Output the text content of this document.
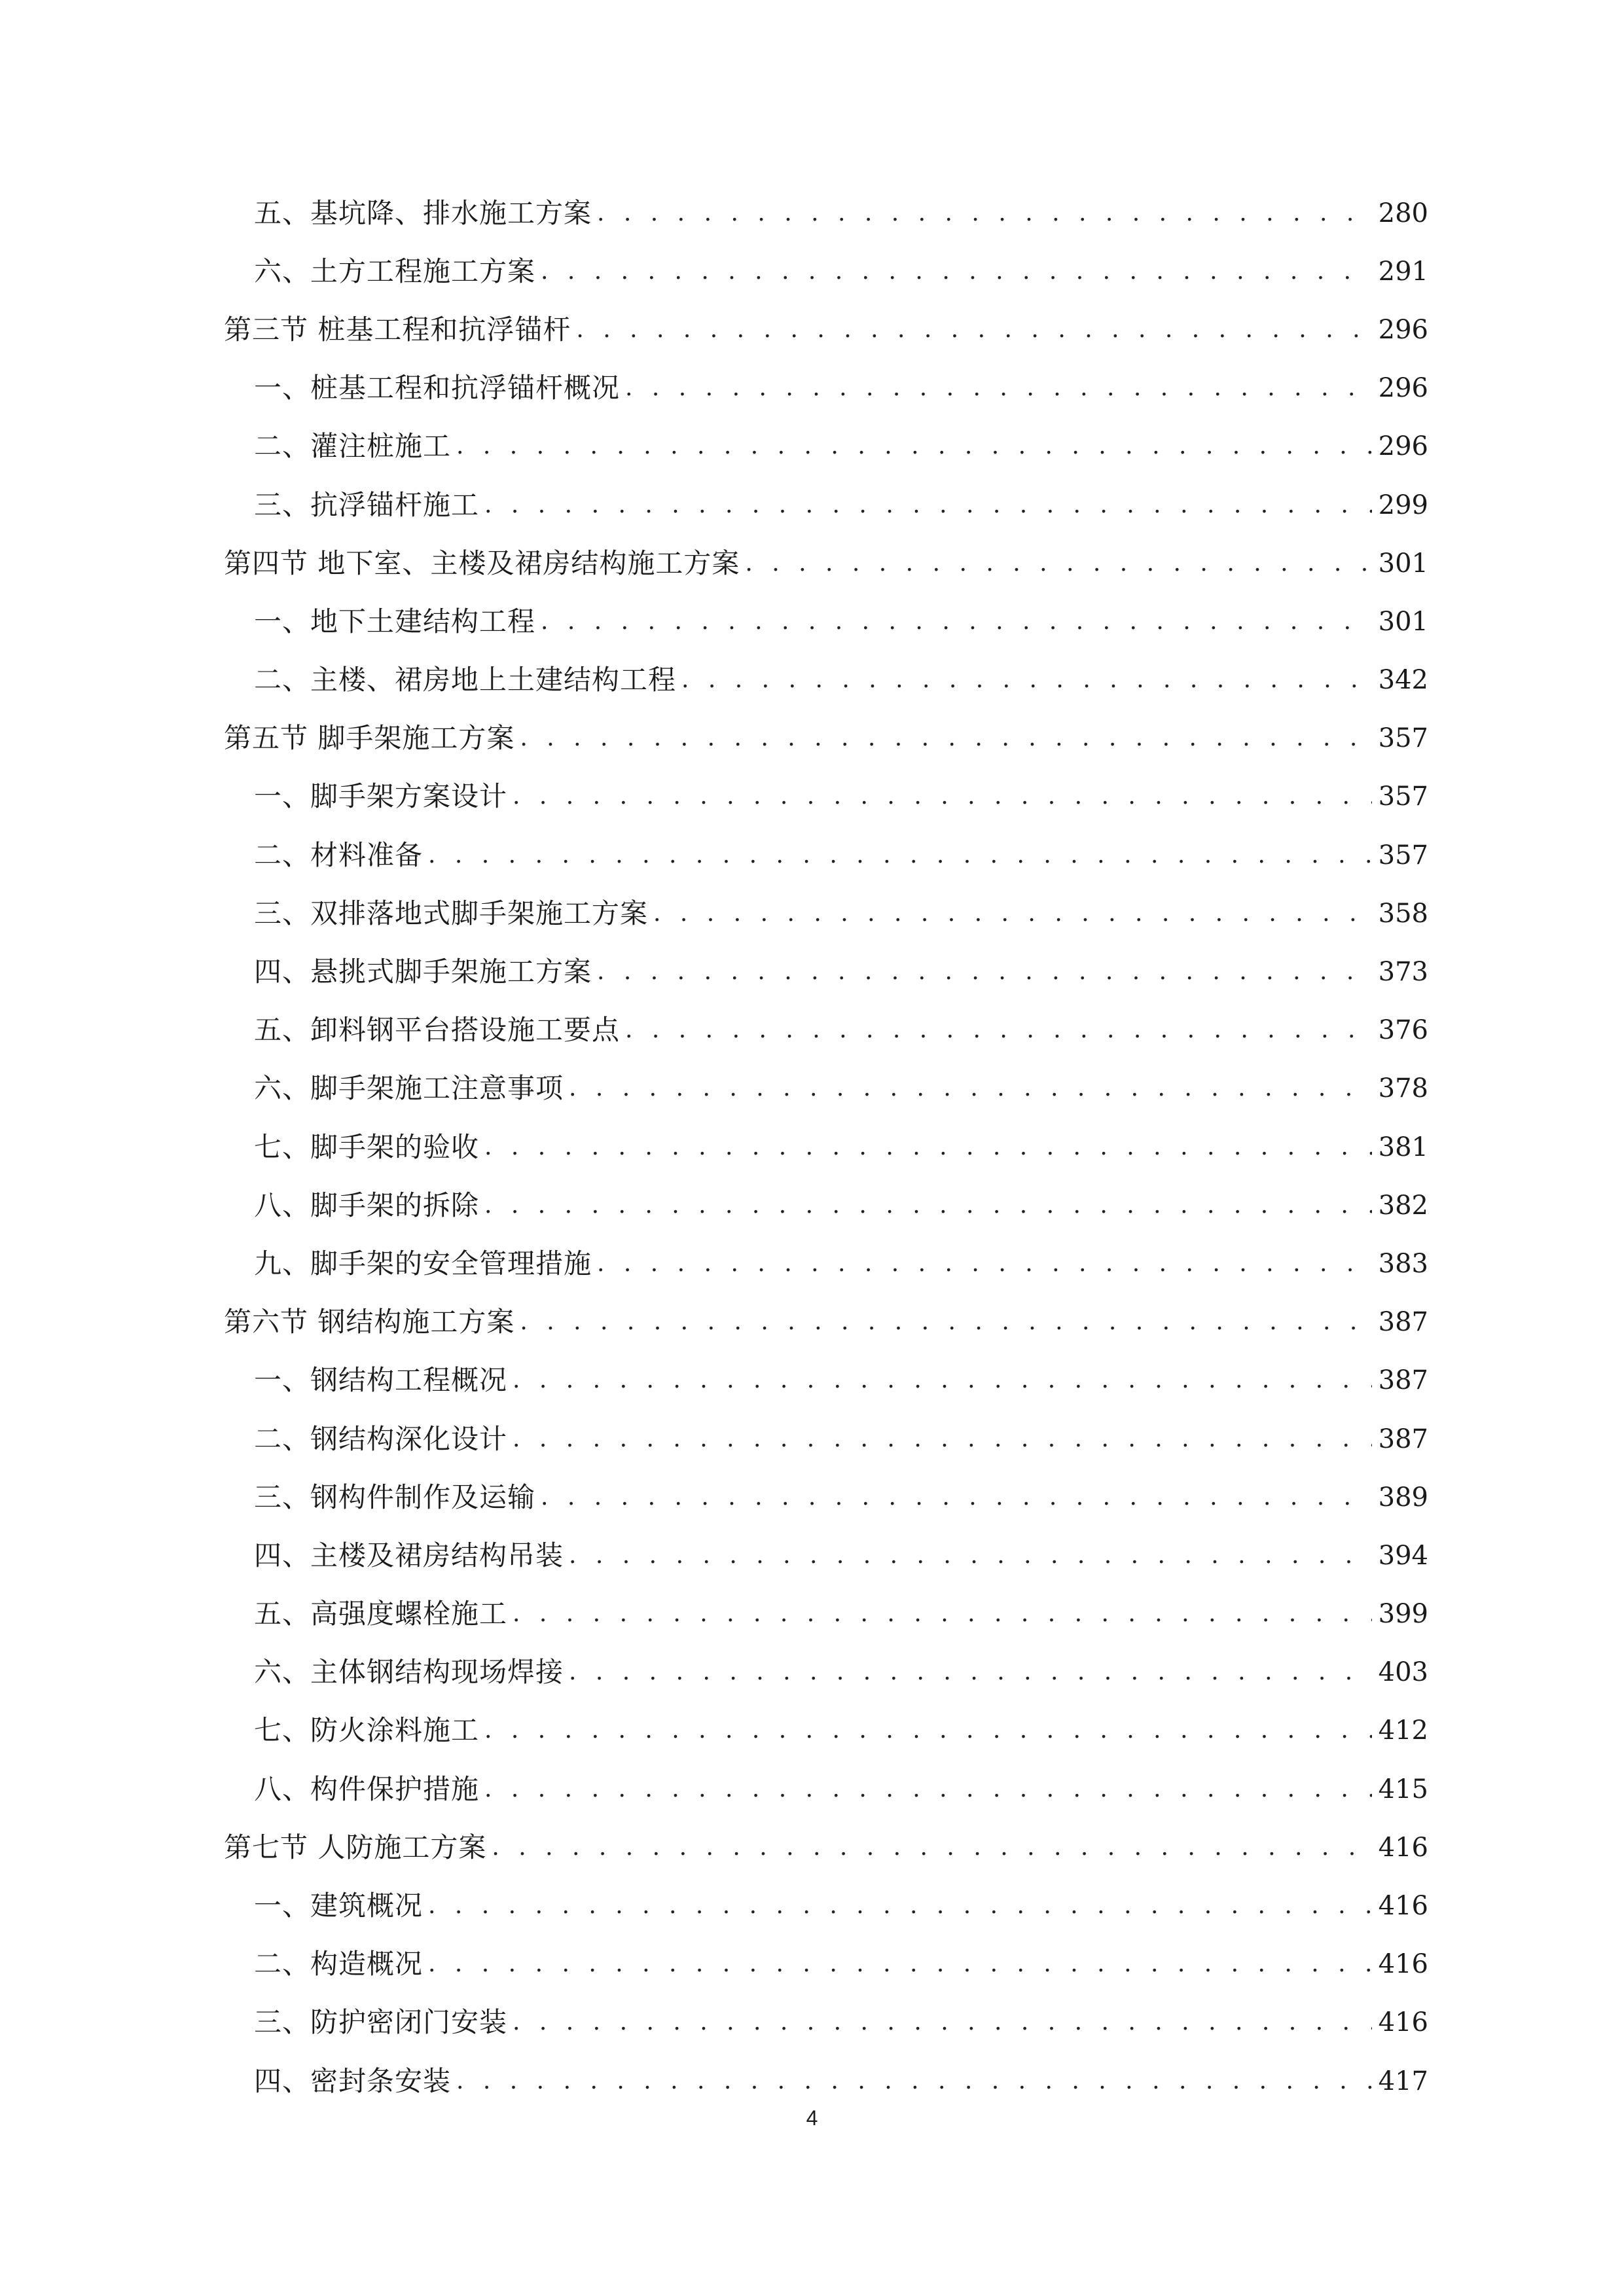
五、基坑降、排水施工方案 . . .	280
六、土方工程施工方案 . . .	291
第三节 桩基工程和抗浮锚杆 . . .	296
一、桩基工程和抗浮锚杆概况 . . .	296
二、灌注桩施工 . . .	296
三、抗浮锚杆施工 . . .	299
第四节 地下室、主楼及裙房结构施工方案 . . .	301
一、地下土建结构工程 . . .	301
二、主楼、裙房地上土建结构工程 . . .	342
第五节 脚手架施工方案 . . .	357
一、脚手架方案设计 . . .	357
二、材料准备 . . .	357
三、双排落地式脚手架施工方案 . . .	358
四、悬挑式脚手架施工方案 . . .	373
五、卸料钢平台搭设施工要点 . . .	376
六、脚手架施工注意事项 . . .	378
七、脚手架的验收 . . .	381
八、脚手架的拆除 . . .	382
九、脚手架的安全管理措施 . . .	383
第六节 钢结构施工方案 . . .	387
一、钢结构工程概况 . . .	387
二、钢结构深化设计 . . .	387
三、钢构件制作及运输 . . .	389
四、主楼及裙房结构吊装 . . .	394
五、高强度螺栓施工 . . .	399
六、主体钢结构现场焊接 . . .	403
七、防火涂料施工 . . .	412
八、构件保护措施 . . .	415
第七节 人防施工方案 . . .	416
一、建筑概况 . . .	416
二、构造概况 . . .	416
三、防护密闭门安装 . . .	416
四、密封条安装 . . .	417
4
